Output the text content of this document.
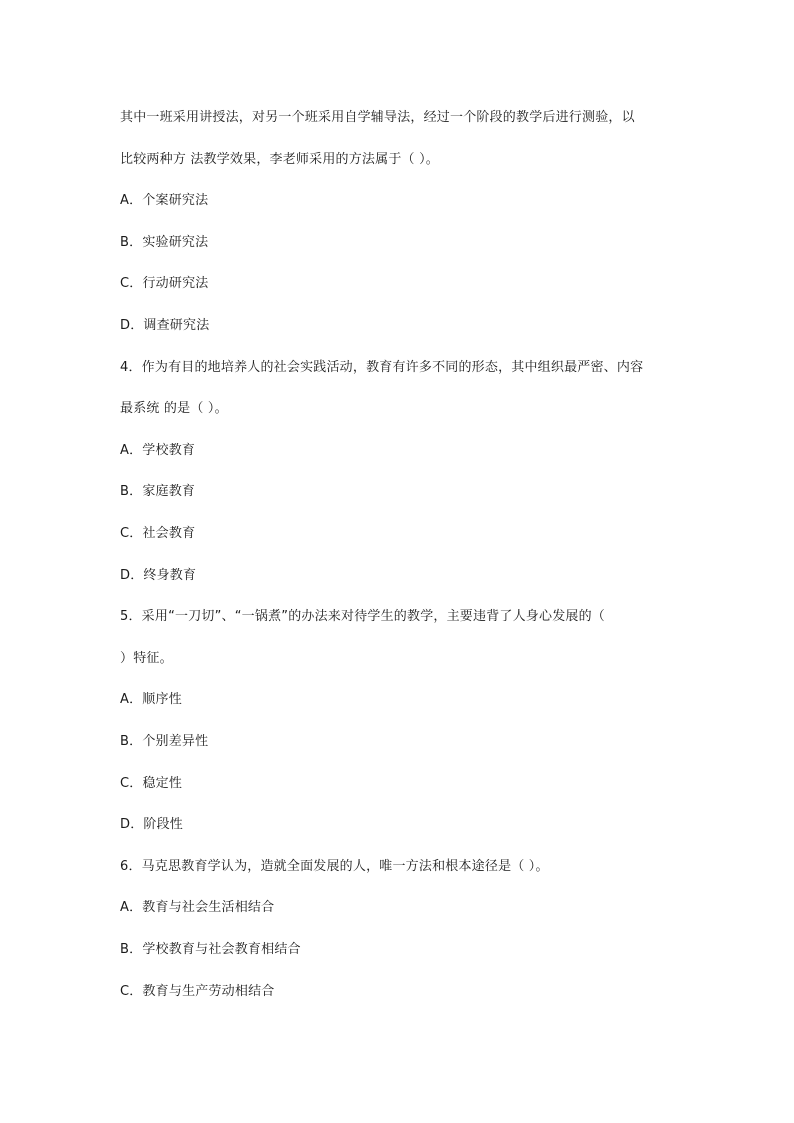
其中一班采用讲授法，对另一个班采用自学辅导法，经过一个阶段的教学后进行测验，以
比较两种方 法教学效果，李老师采用的方法属于（ ）。
A．个案研究法
B．实验研究法
C．行动研究法
D．调查研究法
4．作为有目的地培养人的社会实践活动，教育有许多不同的形态，其中组织最严密、内容
最系统 的是（ ）。
A．学校教育
B．家庭教育
C．社会教育
D．终身教育
5．采用“一刀切”、“一锅煮”的办法来对待学生的教学，主要违背了人身心发展的（
）特征。
A．顺序性
B．个别差异性
C．稳定性
D．阶段性
6．马克思教育学认为，造就全面发展的人，唯一方法和根本途径是（ ）。
A．教育与社会生活相结合
B．学校教育与社会教育相结合
C．教育与生产劳动相结合
